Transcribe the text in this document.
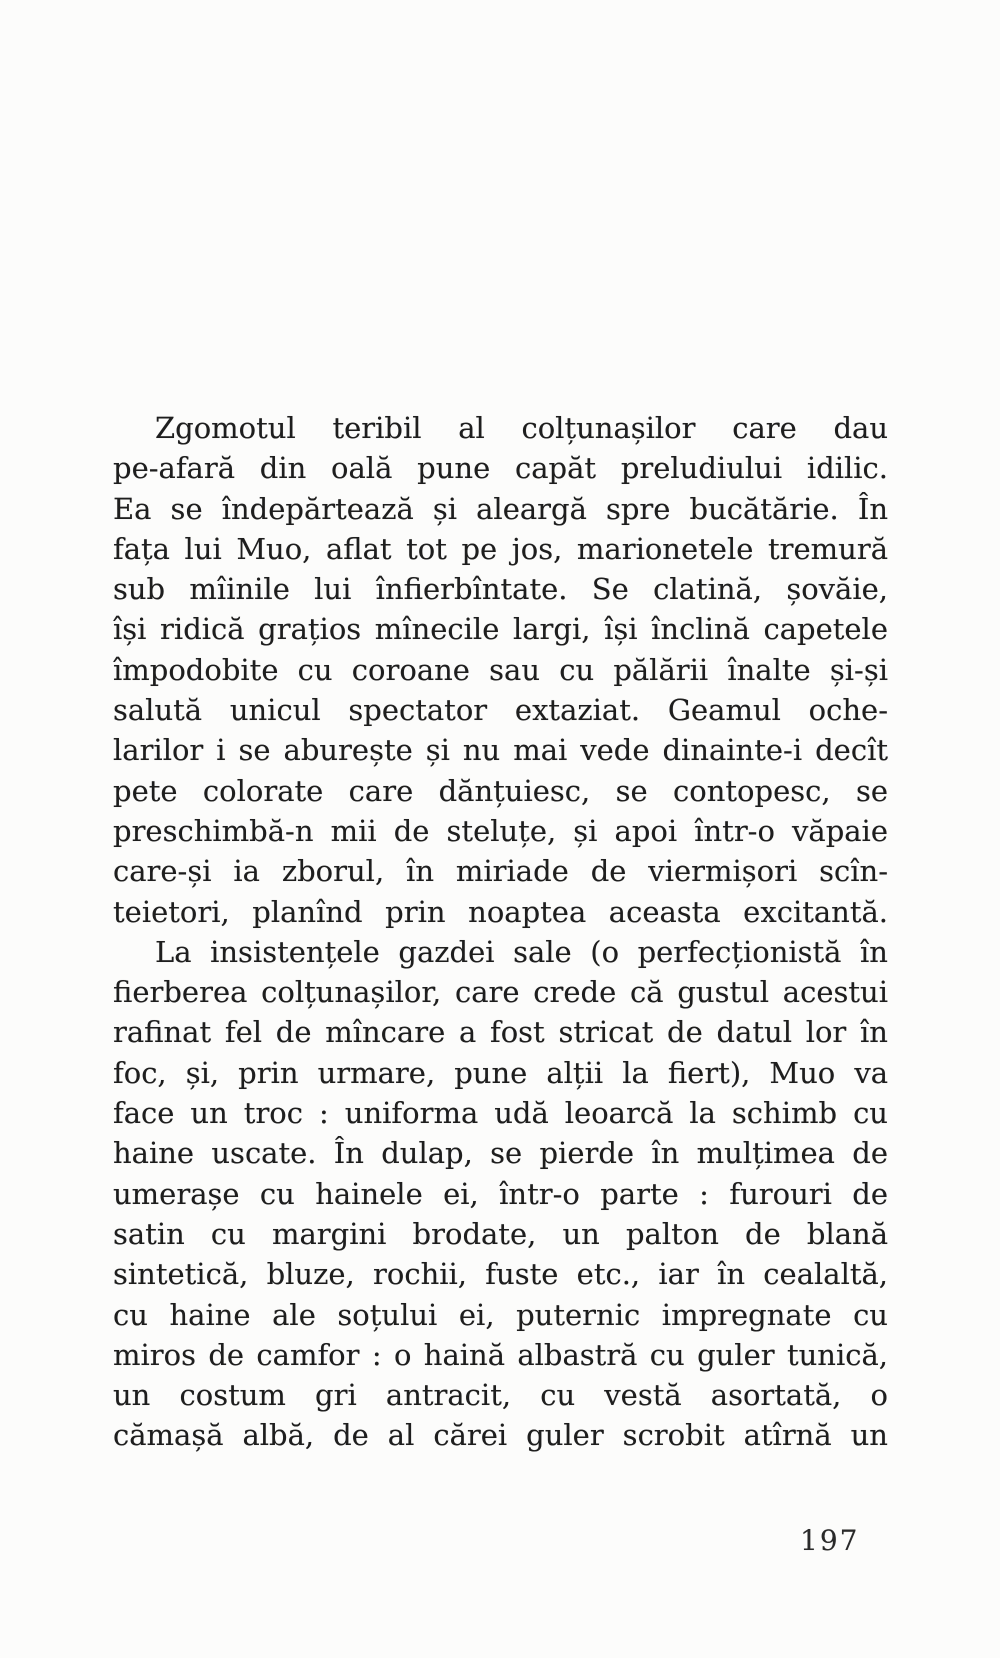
Zgomotul teribil al colțunașilor care dau
pe-afară din oală pune capăt preludiului idilic.
Ea se îndepărtează și aleargă spre bucătărie. În
fața lui Muo, aflat tot pe jos, marionetele tremură
sub mîinile lui înfierbîntate. Se clatină, șovăie,
își ridică grațios mînecile largi, își înclină capetele
împodobite cu coroane sau cu pălării înalte și-și
salută unicul spectator extaziat. Geamul oche-
larilor i se aburește și nu mai vede dinainte-i decît
pete colorate care dănțuiesc, se contopesc, se
preschimbă-n mii de steluțe, și apoi într-o văpaie
care-și ia zborul, în miriade de viermișori scîn-
teietori, planînd prin noaptea aceasta excitantă.
La insistențele gazdei sale (o perfecționistă în
fierberea colțunașilor, care crede că gustul acestui
rafinat fel de mîncare a fost stricat de datul lor în
foc, și, prin urmare, pune alții la fiert), Muo va
face un troc : uniforma udă leoarcă la schimb cu
haine uscate. În dulap, se pierde în mulțimea de
umerașe cu hainele ei, într-o parte : furouri de
satin cu margini brodate, un palton de blană
sintetică, bluze, rochii, fuste etc., iar în cealaltă,
cu haine ale soțului ei, puternic impregnate cu
miros de camfor : o haină albastră cu guler tunică,
un costum gri antracit, cu vestă asortată, o
cămașă albă, de al cărei guler scrobit atîrnă un
197
